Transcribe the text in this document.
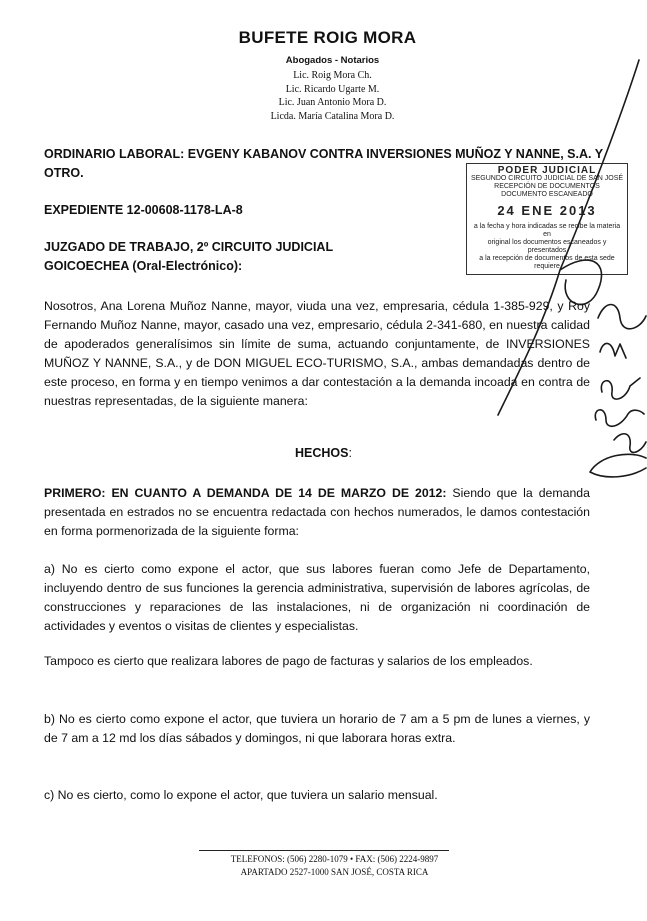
BUFETE ROIG MORA
Abogados - Notarios
Lic. Roig Mora Ch.
Lic. Ricardo Ugarte M.
Lic. Juan Antonio Mora D.
Licda. María Catalina Mora D.
ORDINARIO LABORAL: EVGENY KABANOV CONTRA INVERSIONES MUÑOZ Y NANNE, S.A. Y OTRO.
EXPEDIENTE 12-00608-1178-LA-8
JUZGADO DE TRABAJO, 2º CIRCUITO JUDICIAL
GOICOECHEA (Oral-Electrónico):
Nosotros, Ana Lorena Muñoz Nanne, mayor, viuda una vez, empresaria, cédula 1-385-929, y Roy Fernando Muñoz Nanne, mayor, casado una vez, empresario, cédula 2-341-680, en nuestra calidad de apoderados generalísimos sin límite de suma, actuando conjuntamente, de INVERSIONES MUÑOZ Y NANNE, S.A., y de DON MIGUEL ECO-TURISMO, S.A., ambas demandadas dentro de este proceso, en forma y en tiempo venimos a dar contestación a la demanda incoada en contra de nuestras representadas, de la siguiente manera:
HECHOS:
PRIMERO: EN CUANTO A DEMANDA DE 14 DE MARZO DE 2012: Siendo que la demanda presentada en estrados no se encuentra redactada con hechos numerados, le damos contestación en forma pormenorizada de la siguiente forma:
a) No es cierto como expone el actor, que sus labores fueran como Jefe de Departamento, incluyendo dentro de sus funciones la gerencia administrativa, supervisión de labores agrícolas, de construcciones y reparaciones de las instalaciones, ni de organización ni coordinación de actividades y eventos o visitas de clientes y especialistas.
Tampoco es cierto que realizara labores de pago de facturas y salarios de los empleados.
b) No es cierto como expone el actor, que tuviera un horario de 7 am a 5 pm de lunes a viernes, y de 7 am a 12 md los días sábados y domingos, ni que laborara horas extra.
c) No es cierto, como lo expone el actor, que tuviera un salario mensual.
PODER JUDICIAL
SEGUNDO CIRCUITO JUDICIAL DE SAN JOSÉ
RECEPCIÓN DE DOCUMENTOS
DOCUMENTO ESCANEADO
24 ENE 2013
a la fecha y hora indicadas se recibe la materia en
original los documentos escaneados y presentados
a la recepción de documentos de esta sede requiere
TELEFONOS: (506) 2280-1079 • FAX: (506) 2224-9897
APARTADO 2527-1000 SAN JOSÉ, COSTA RICA
